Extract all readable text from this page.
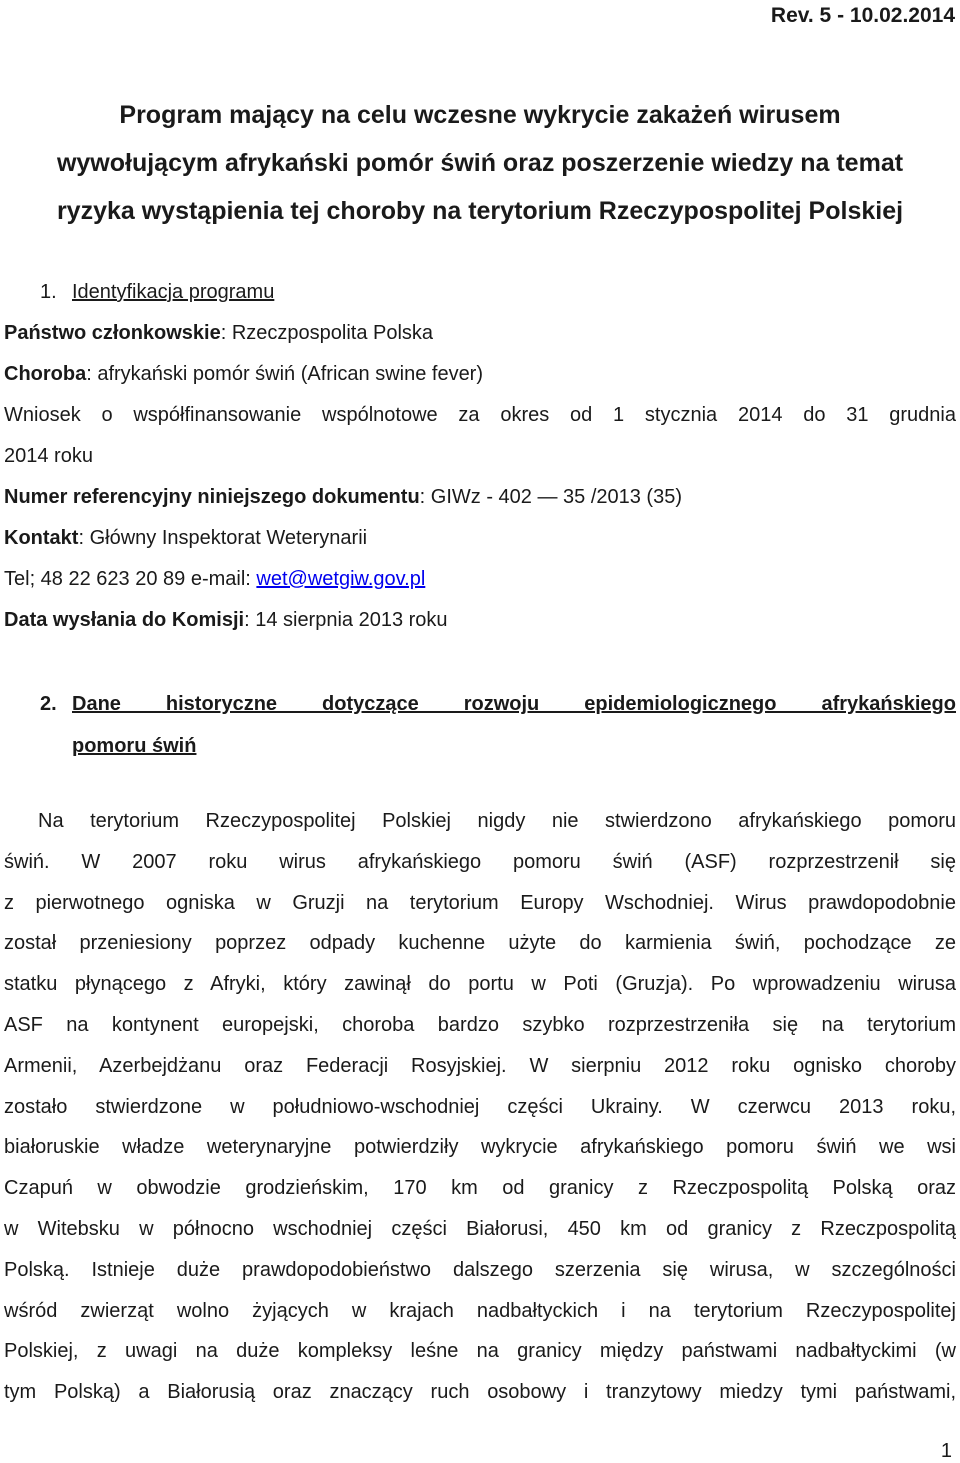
Rev. 5 - 10.02.2014
Program mający na celu wczesne wykrycie zakażeń wirusem
wywołującym afrykański pomór świń oraz poszerzenie wiedzy na temat
ryzyka wystąpienia tej choroby na terytorium Rzeczypospolitej Polskiej
1. Identyfikacja programu
Państwo członkowskie: Rzeczpospolita Polska
Choroba: afrykański pomór świń (African swine fever)
Wniosek o współfinansowanie wspólnotowe za okres od 1 stycznia 2014 do 31 grudnia
2014 roku
Numer referencyjny niniejszego dokumentu: GIWz - 402 — 35 /2013 (35)
Kontakt: Główny Inspektorat Weterynarii
Tel; 48 22 623 20 89 e-mail: wet@wetgiw.gov.pl
Data wysłania do Komisji: 14 sierpnia 2013 roku
2. Dane historyczne dotyczące rozwoju epidemiologicznego afrykańskiego
pomoru świń
Na terytorium Rzeczypospolitej Polskiej nigdy nie stwierdzono afrykańskiego pomoru
świń. W 2007 roku wirus afrykańskiego pomoru świń (ASF) rozprzestrzenił się
z pierwotnego ogniska w Gruzji na terytorium Europy Wschodniej. Wirus prawdopodobnie
został przeniesiony poprzez odpady kuchenne użyte do karmienia świń, pochodzące ze
statku płynącego z Afryki, który zawinął do portu w Poti (Gruzja). Po wprowadzeniu wirusa
ASF na kontynent europejski, choroba bardzo szybko rozprzestrzeniła się na terytorium
Armenii, Azerbejdżanu oraz Federacji Rosyjskiej. W sierpniu 2012 roku ognisko choroby
zostało stwierdzone w południowo-wschodniej części Ukrainy. W czerwcu 2013 roku,
białoruskie władze weterynaryjne potwierdziły wykrycie afrykańskiego pomoru świń we wsi
Czapuń w obwodzie grodzieńskim, 170 km od granicy z Rzeczpospolitą Polską oraz
w Witebsku w północno wschodniej części Białorusi, 450 km od granicy z Rzeczpospolitą
Polską. Istnieje duże prawdopodobieństwo dalszego szerzenia się wirusa, w szczególności
wśród zwierząt wolno żyjących w krajach nadbałtyckich i na terytorium Rzeczypospolitej
Polskiej, z uwagi na duże kompleksy leśne na granicy między państwami nadbałtyckimi (w
tym Polską) a Białorusią oraz znaczący ruch osobowy i tranzytowy miedzy tymi państwami,
1
